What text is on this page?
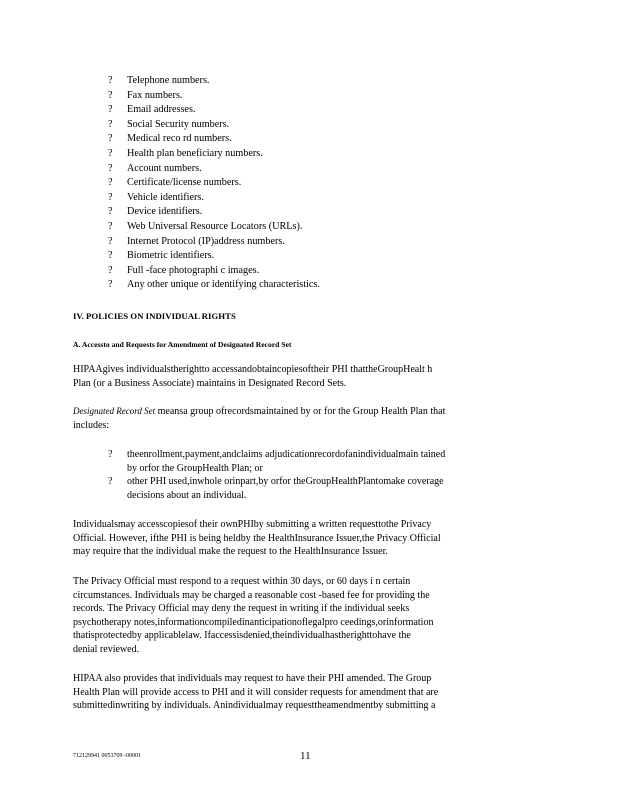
?	Telephone numbers.
?	Fax numbers.
?	Email addresses.
?	Social Security numbers.
?	Medical reco rd numbers.
?	Health plan beneficiary numbers.
?	Account numbers.
?	Certificate/license numbers.
?	Vehicle identifiers.
?	Device identifiers.
?	Web Universal Resource Locators (URLs).
?	Internet Protocol (IP)address numbers.
?	Biometric identifiers.
?	Full -face photographi c images.
?	Any other unique or identifying characteristics.
IV. POLICIES ON INDIVIDUAL RIGHTS
A. Accessto and Requests for Amendment of Designated Record Set
HIPAAgives individualstherightto accessandobtaincopiesoftheir PHI thattheGroupHealt h
Plan (or a Business Associate) maintains in Designated Record Sets.
Designated Record Set meansa group ofrecordsmaintained by or for the Group Health Plan that
includes:
?	theenrollment,payment,andclaims adjudicationrecordofanindividualmain tained
by orfor the GroupHealth Plan; or
?	other PHI used,inwhole orinpart,by orfor theGroupHealthPlantomake coverage
decisions about an individual.
Individualsmay accesscopiesof their ownPHIby submitting a written requesttothe Privacy
Official. However, ifthe PHI is being heldby the HealthInsurance Issuer,the Privacy Official
may require that the individual make the request to the HealthInsurance Issuer.
The Privacy Official must respond to a request within 30 days, or 60 days i n certain
circumstances. Individuals may be charged a reasonable cost -based fee for providing the
records. The Privacy Official may deny the request in writing if the individual seeks
psychotherapy notes,informationcompiledinanticipationoflegalpro ceedings,orinformation
thatisprotectedby applicablelaw. Ifaccessisdenied,theindividualhastherighttohave the
denial reviewed.
HIPAA also provides that individuals may request to have their PHI amended. The Group
Health Plan will provide access to PHI and it will consider requests for amendment that are
submittedinwriting by individuals. Anindividualmay requesttheamendmentby submitting a
712129941 0053709 -00001	11
